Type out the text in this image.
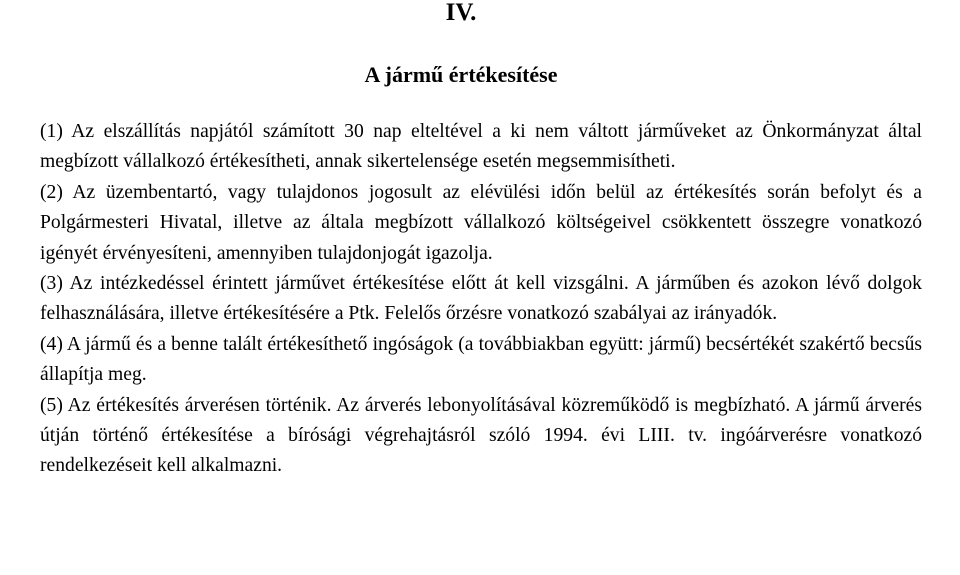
IV.
A jármű értékesítése

(1) Az elszállítás napjától számított 30 nap elteltével a ki nem váltott járműveket az Önkormányzat által megbízott vállalkozó értékesítheti, annak sikertelensége esetén megsemmisítheti.

(2) Az üzembentartó, vagy tulajdonos jogosult az elévülési időn belül az értékesítés során befolyt és a Polgármesteri Hivatal, illetve az általa megbízott vállalkozó költségeivel csökkentett összegre vonatkozó igényét érvényesíteni, amennyiben tulajdonjogát igazolja.

(3) Az intézkedéssel érintett járművet értékesítése előtt át kell vizsgálni. A járműben és azokon lévő dolgok felhasználására, illetve értékesítésére a Ptk. Felelős őrzésre vonatkozó szabályai az irányadók.

(4) A jármű és a benne talált értékesíthető ingóságok (a továbbiakban együtt: jármű) becsértékét szakértő becsűs állapítja meg.

(5) Az értékesítés árverésen történik. Az árverés lebonyolításával közreműködő is megbízható. A jármű árverés útján történő értékesítése a bírósági végrehajtásról szóló 1994. évi LIII. tv. ingóárverésre vonatkozó rendelkezéseit kell alkalmazni.
